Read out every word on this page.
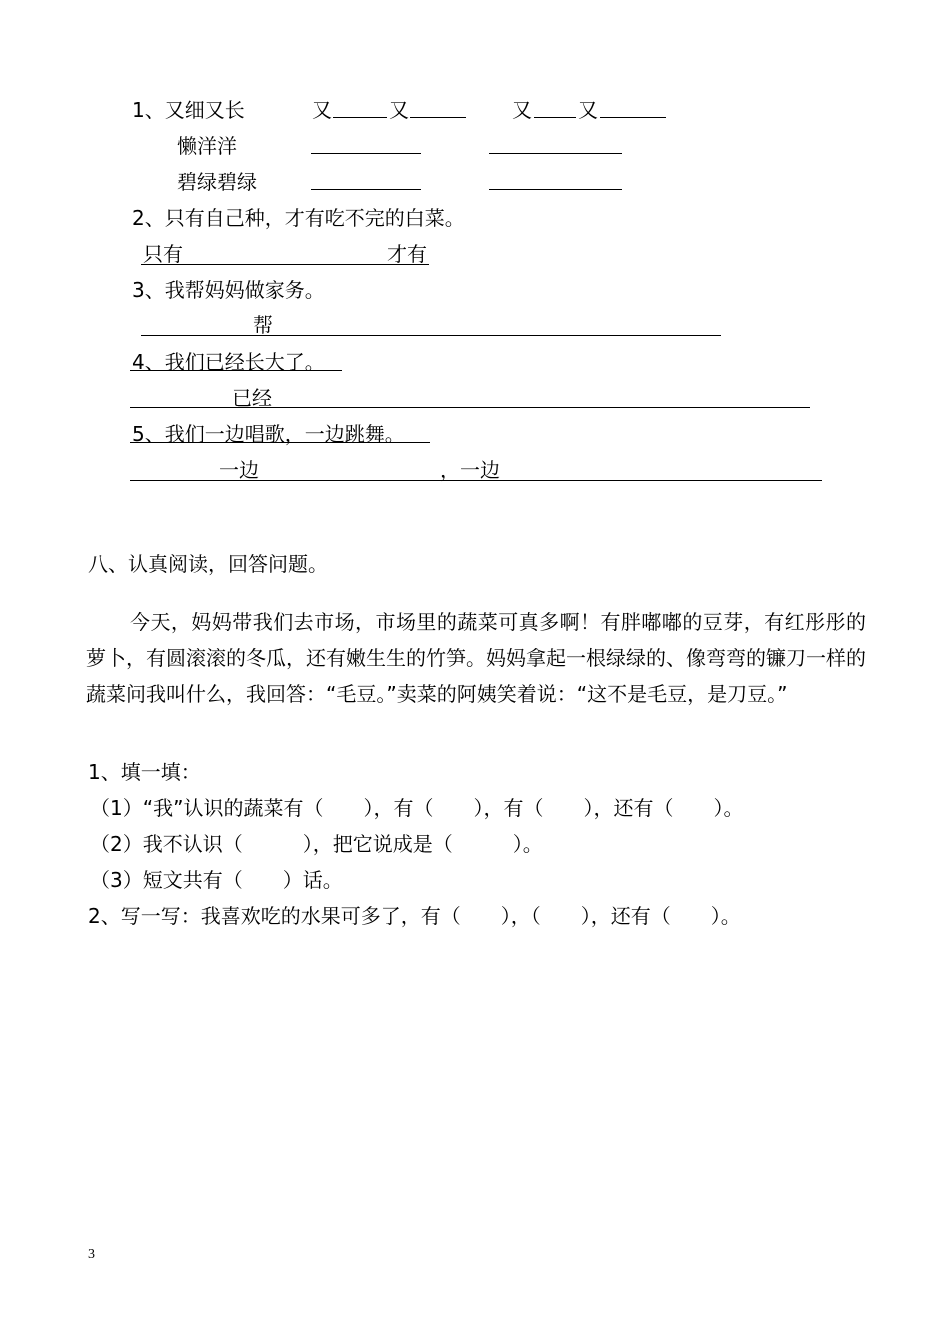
1、又细又长	又	又	又 又
懒洋洋
碧绿碧绿
2、只有自己种，才有吃不完的白菜。
只有	才有
3、我帮妈妈做家务。
帮
4、我们已经长大了。
已经
5、我们一边唱歌，一边跳舞。
一边	，一边
八、认真阅读，回答问题。

今天，妈妈带我们去市场，市场里的蔬菜可真多啊！有胖嘟嘟的豆芽，有红彤彤的萝卜，有圆滚滚的冬瓜，还有嫩生生的竹笋。妈妈拿起一根绿绿的、像弯弯的镰刀一样的蔬菜问我叫什么，我回答：“毛豆。”卖菜的阿姨笑着说：“这不是毛豆，是刀豆。”

1、填一填：
（1）“我”认识的蔬菜有（　　），有（　　），有（　　），还有（　　）。
（2）我不认识（　　　），把它说成是（　　　）。
（3）短文共有（　　）话。
2、写一写：我喜欢吃的水果可多了，有（　　），（　　），还有（　　）。
3
